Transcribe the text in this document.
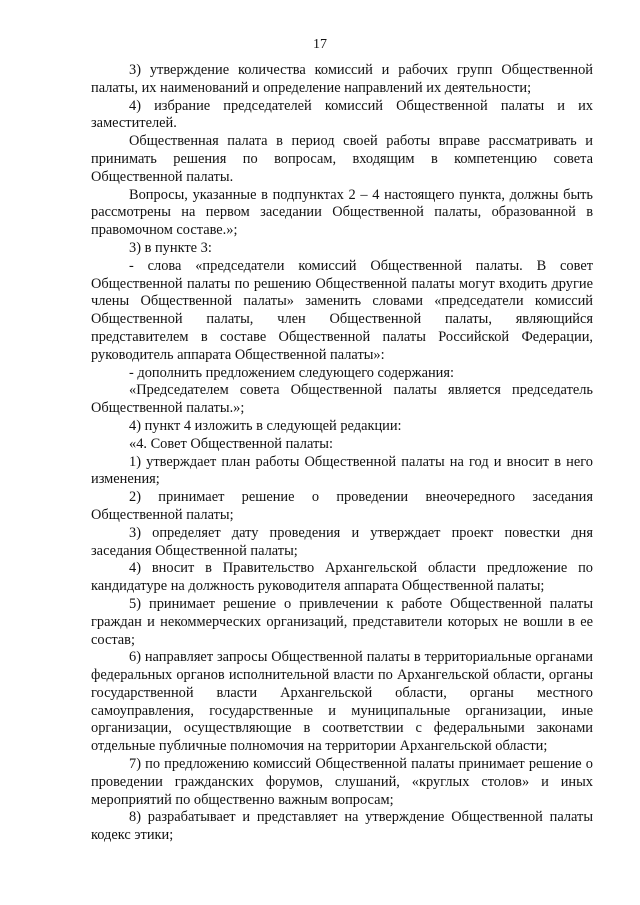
17

3) утверждение количества комиссий и рабочих групп Общественной палаты, их наименований и определение направлений их деятельности;

4) избрание председателей комиссий Общественной палаты и их заместителей.

Общественная палата в период своей работы вправе рассматривать и принимать решения по вопросам, входящим в компетенцию совета Общественной палаты.

Вопросы, указанные в подпунктах 2 – 4 настоящего пункта, должны быть рассмотрены на первом заседании Общественной палаты, образованной в правомочном составе.»;

3) в пункте 3:

- слова «председатели комиссий Общественной палаты. В совет Общественной палаты по решению Общественной палаты могут входить другие члены Общественной палаты» заменить словами «председатели комиссий Общественной палаты, член Общественной палаты, являющийся представителем в составе Общественной палаты Российской Федерации, руководитель аппарата Общественной палаты»:

- дополнить предложением следующего содержания:

«Председателем совета Общественной палаты является председатель Общественной палаты.»;

4) пункт 4 изложить в следующей редакции:

«4. Совет Общественной палаты:

1) утверждает план работы Общественной палаты на год и вносит в него изменения;

2) принимает решение о проведении внеочередного заседания Общественной палаты;

3) определяет дату проведения и утверждает проект повестки дня заседания Общественной палаты;

4) вносит в Правительство Архангельской области предложение по кандидатуре на должность руководителя аппарата Общественной палаты;

5) принимает решение о привлечении к работе Общественной палаты граждан и некоммерческих организаций, представители которых не вошли в ее состав;

6) направляет запросы Общественной палаты в территориальные органами федеральных органов исполнительной власти по Архангельской области, органы государственной власти Архангельской области, органы местного самоуправления, государственные и муниципальные организации, иные организации, осуществляющие в соответствии с федеральными законами отдельные публичные полномочия на территории Архангельской области;

7) по предложению комиссий Общественной палаты принимает решение о проведении гражданских форумов, слушаний, «круглых столов» и иных мероприятий по общественно важным вопросам;

8) разрабатывает и представляет на утверждение Общественной палаты кодекс этики;
